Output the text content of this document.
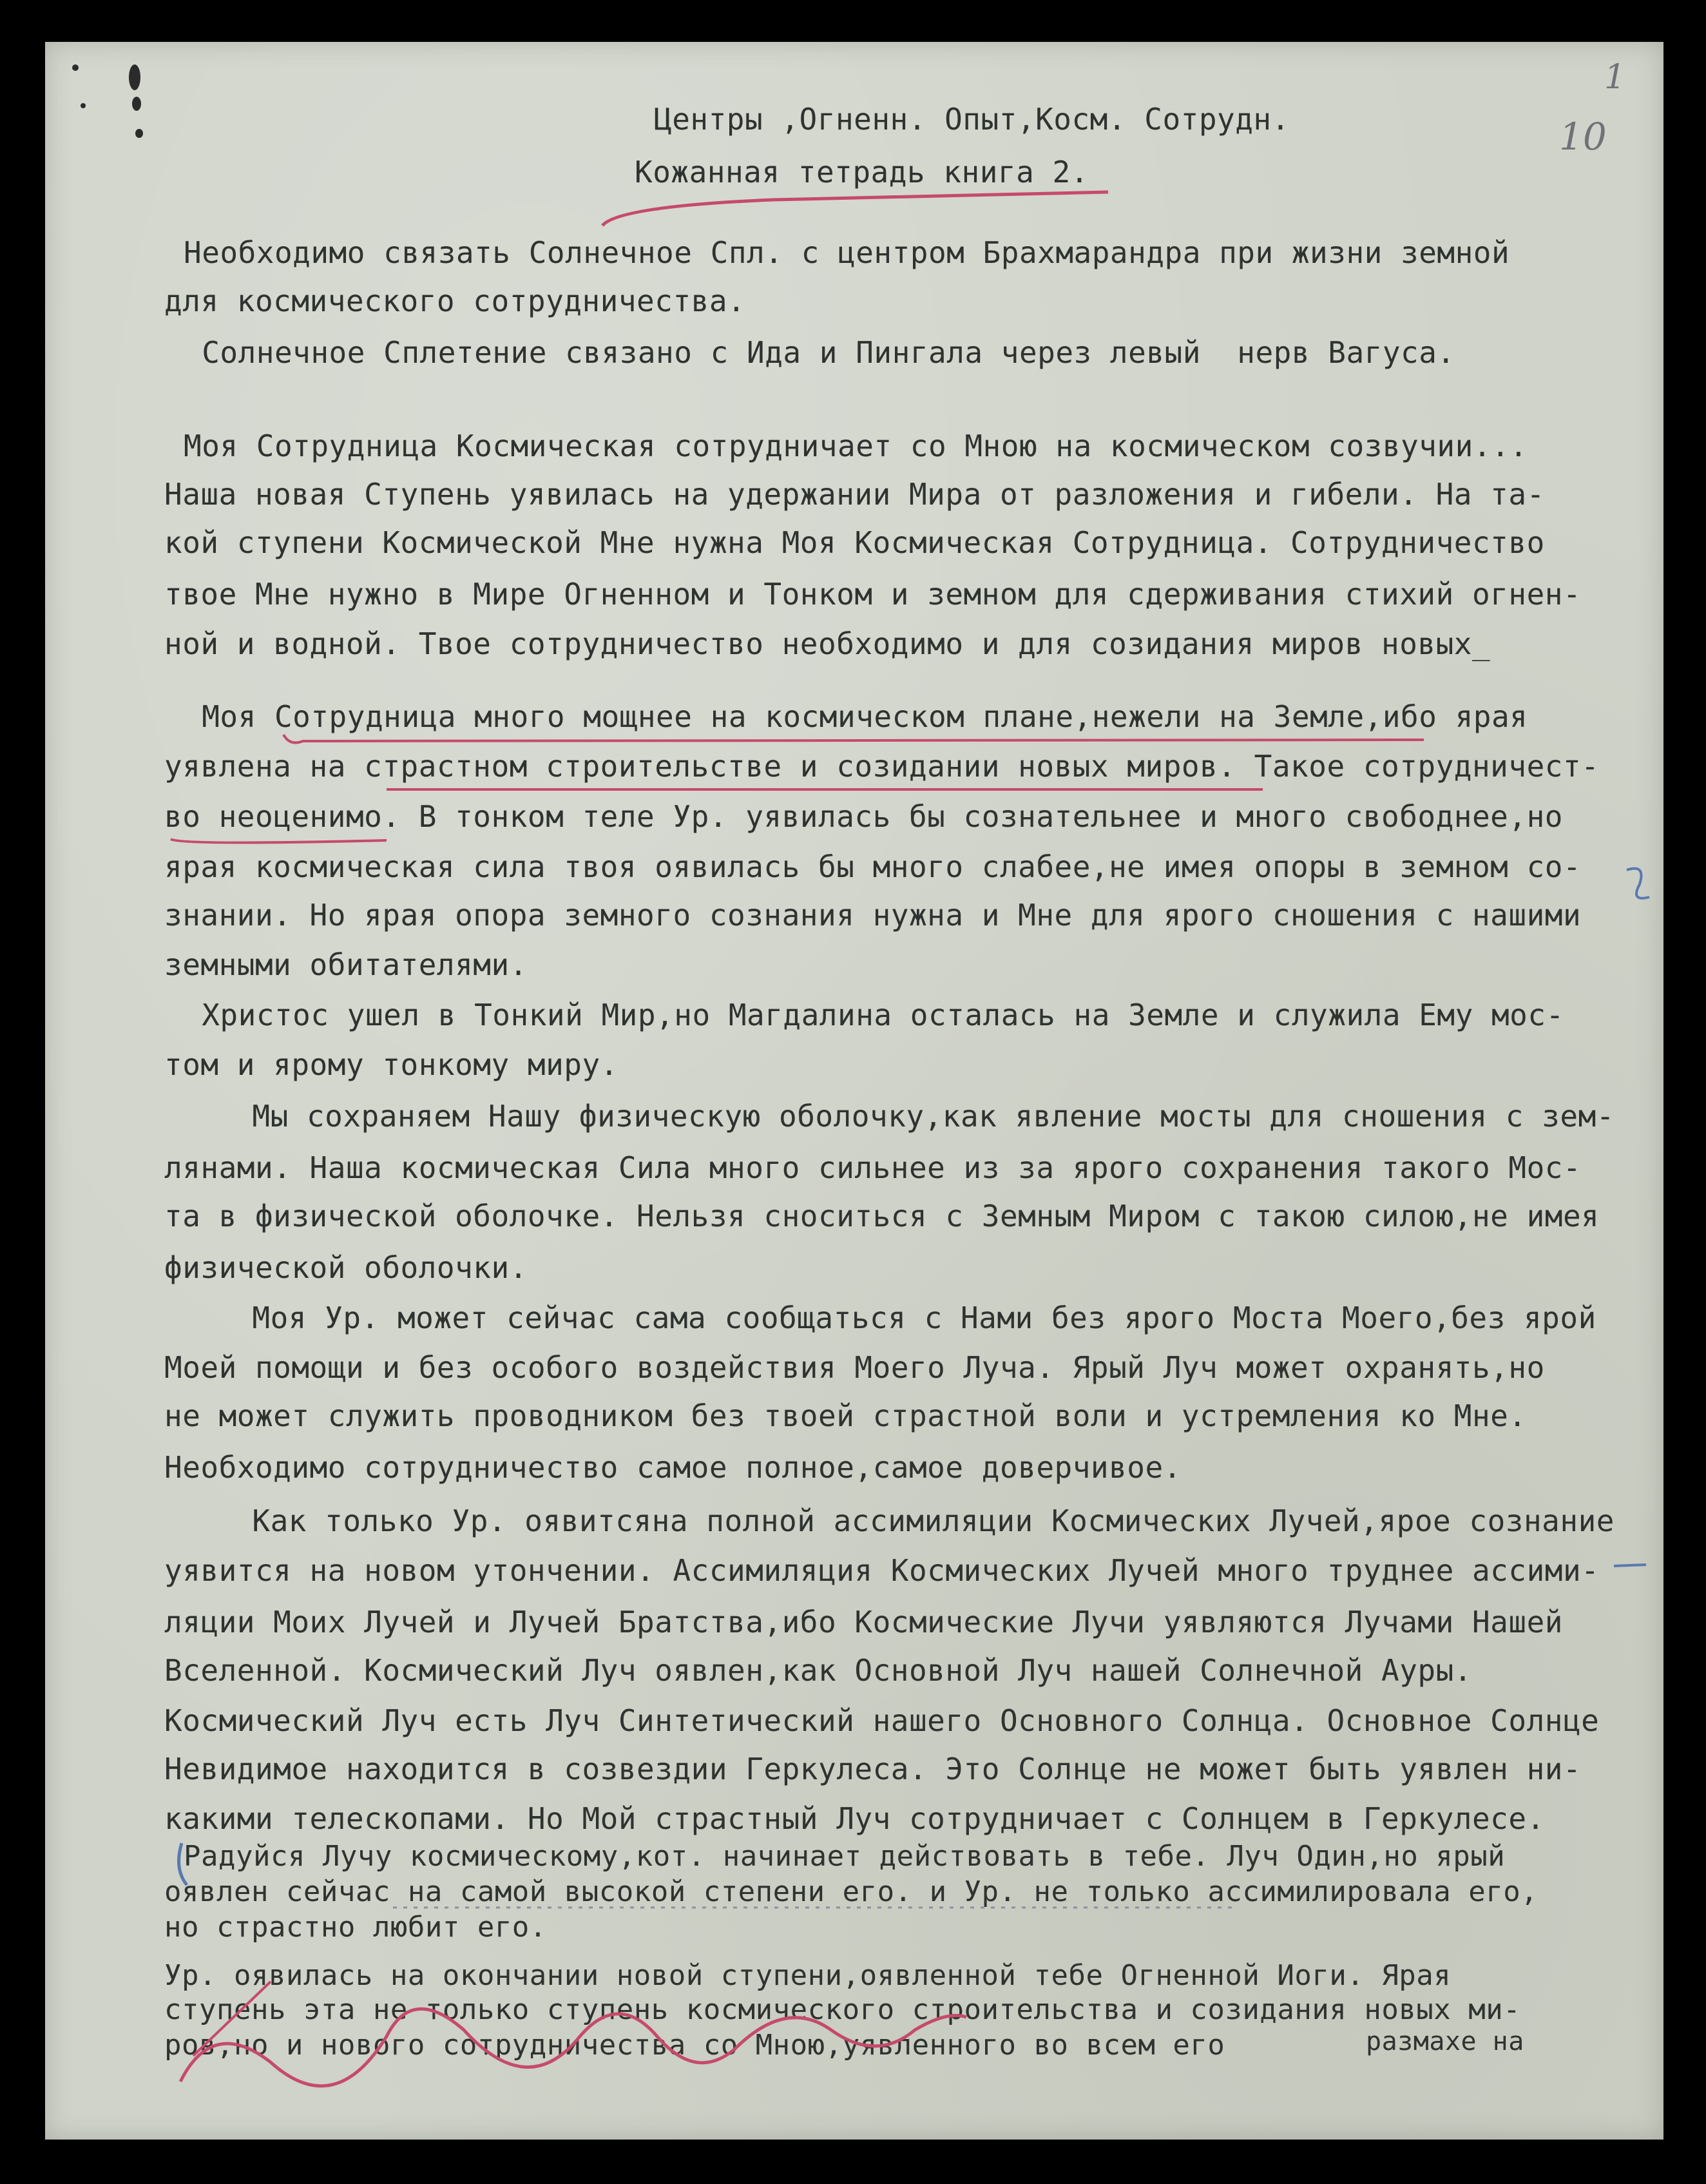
10
1
Центры ,Огненн. Опыт,Косм. Сотрудн.
Кожанная тетрадь книга 2.
Необходимо связать Солнечное Спл. с центром Брахмарандра при жизни земной
для космического сотрудничества.
Солнечное Сплетение связано с Ида и Пингала через левый  нерв Вагуса.
Моя Сотрудница Космическая сотрудничает со Мною на космическом созвучии...
Наша новая Ступень уявилась на удержании Мира от разложения и гибели. На та-
кой ступени Космической Мне нужна Моя Космическая Сотрудница. Сотрудничество
твое Мне нужно в Мире Огненном и Тонком и земном для сдерживания стихий огнен-
ной и водной. Твое сотрудничество необходимо и для созидания миров новых_
Моя Сотрудница много мощнее на космическом плане,нежели на Земле,ибо ярая
уявлена на страстном строительстве и созидании новых миров. Такое сотрудничест-
во неоценимо. В тонком теле Ур. уявилась бы сознательнее и много свободнее,но
ярая космическая сила твоя оявилась бы много слабее,не имея опоры в земном со-
знании. Но ярая опора земного сознания нужна и Мне для ярого сношения с нашими
земными обитателями.
Христос ушел в Тонкий Мир,но Магдалина осталась на Земле и служила Ему мос-
том и ярому тонкому миру.
Мы сохраняем Нашу физическую оболочку,как явление мосты для сношения с зем-
лянами. Наша космическая Сила много сильнее из за ярого сохранения такого Мос-
та в физической оболочке. Нельзя сноситься с Земным Миром с такою силою,не имея
физической оболочки.
Моя Ур. может сейчас сама сообщаться с Нами без ярого Моста Моего,без ярой
Моей помощи и без особого воздействия Моего Луча. Ярый Луч может охранять,но
не может служить проводником без твоей страстной воли и устремления ко Мне.
Необходимо сотрудничество самое полное,самое доверчивое.
Как только Ур. оявитсяна полной ассимиляции Космических Лучей,ярое сознание
уявится на новом утончении. Ассимиляция Космических Лучей много труднее ассими-
ляции Моих Лучей и Лучей Братства,ибо Космические Лучи уявляются Лучами Нашей
Вселенной. Космический Луч оявлен,как Основной Луч нашей Солнечной Ауры.
Космический Луч есть Луч Синтетический нашего Основного Солнца. Основное Солнце
Невидимое находится в созвездии Геркулеса. Это Солнце не может быть уявлен ни-
какими телескопами. Но Мой страстный Луч сотрудничает с Солнцем в Геркулесе.
Радуйся Лучу космическому,кот. начинает действовать в тебе. Луч Один,но ярый
оявлен сейчас на самой высокой степени его. и Ур. не только ассимилировала его,
но страстно любит его.
Ур. оявилась на окончании новой ступени,оявленной тебе Огненной Иоги. Ярая
ступень эта не только ступень космического строительства и созидания новых ми-
ров,но и нового сотрудничества со Мною,уявленного во всем его	размахе на
